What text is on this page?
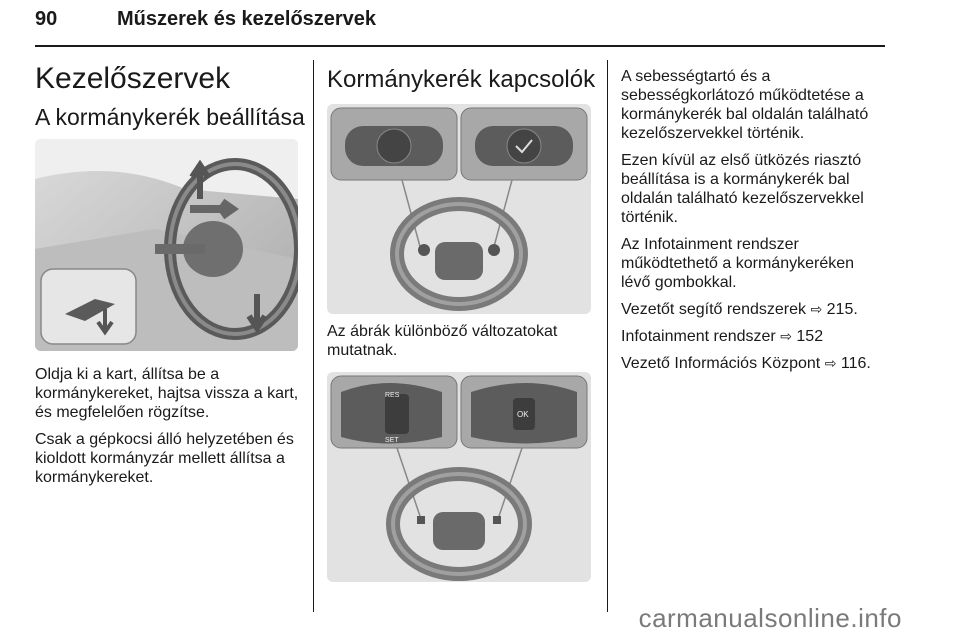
90	Műszerek és kezelőszervek
Kezelőszervek
A kormánykerék beállítása

Oldja ki a kart, állítsa be a kormánykereket, hajtsa vissza a kart, és megfelelően rögzítse.

Csak a gépkocsi álló helyzetében és kioldott kormányzár mellett állítsa a kormánykereket.

Kormánykerék kapcsolók

Az ábrák különböző változatokat mutatnak.

RES
SET
OK

A sebességtartó és a sebességkorlátozó működtetése a kormánykerék bal oldalán található kezelőszervekkel történik.

Ezen kívül az első ütközés riasztó beállítása is a kormánykerék bal oldalán található kezelőszervekkel történik.

Az Infotainment rendszer működtethető a kormánykeréken lévő gombokkal.

Vezetőt segítő rendszerek ⇨ 215.

Infotainment rendszer ⇨ 152

Vezető Információs Központ ⇨ 116.

carmanualsonline.info
